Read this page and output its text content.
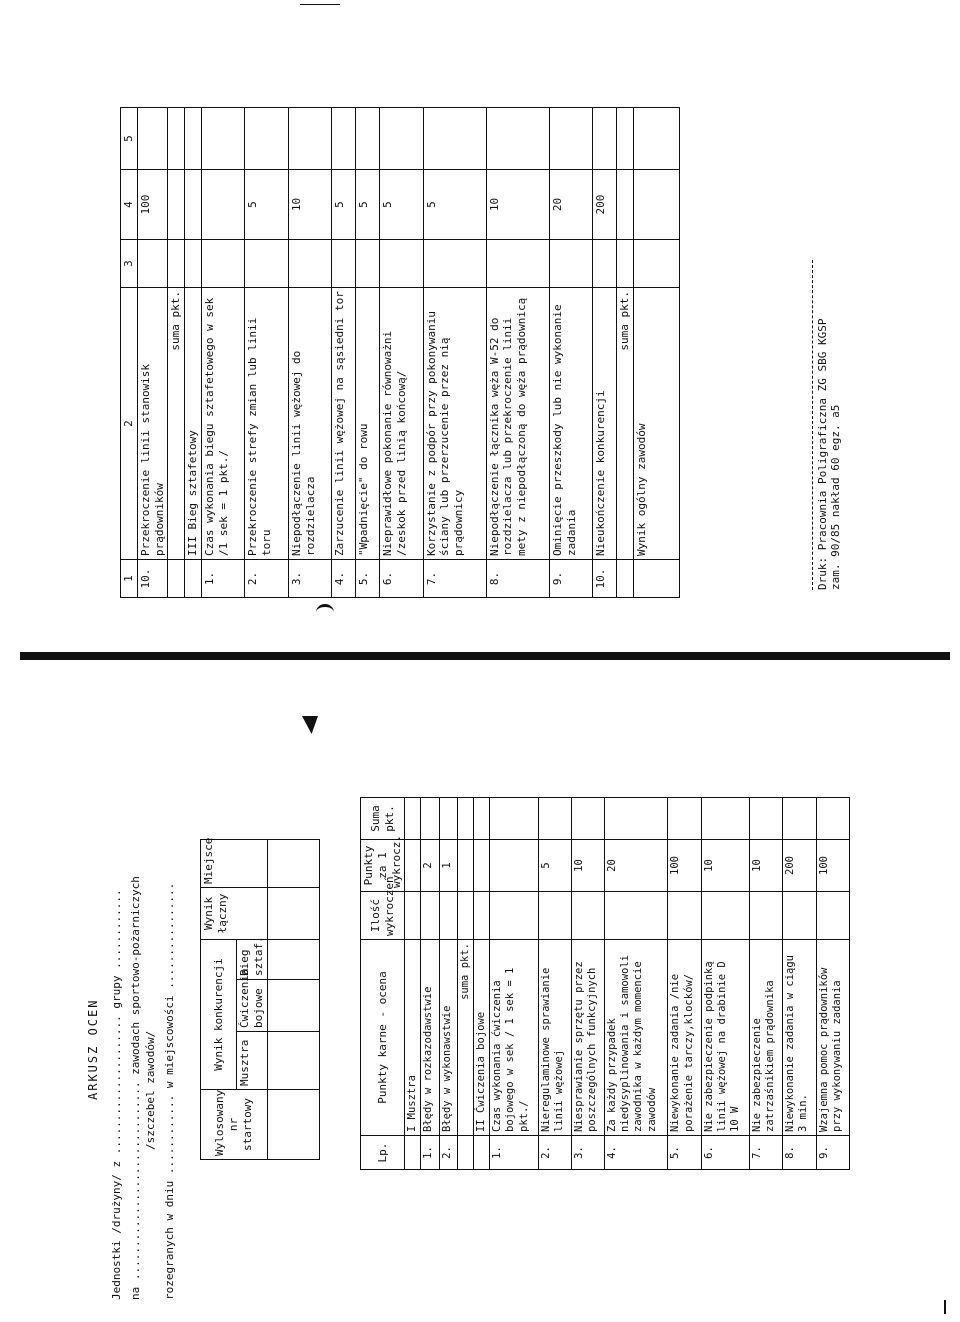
1	2	3	4	5
10.	Przekroczenie linii stanowisk prądowników		100	
	suma pkt.			
	III Bieg sztafetowy			
1.	Czas wykonania biegu sztafetowego w sek /1 sek = 1 pkt./			
2.	Przekroczenie strefy zmian lub linii toru		5	
3.	Niepodłączenie linii wężowej do rozdzielacza		10	
4.	Zarzucenie linii wężowej na sąsiedni tor		5	
5.	"Wpadnięcie" do rowu		5	
6.	Nieprawidłowe pokonanie równoważni /zeskok przed linią końcową/		5	
7.	Korzystanie z podpór przy pokonywaniu ściany lub przerzucenie przez nią prądownicy		5	
8.	Niepodłączenie łącznika węża W-52 do rozdzielacza lub przekroczenie linii mety z niepodłączoną do węża prądownicą		10	
9.	Ominięcie przeszkody lub nie wykonanie zadania		20	
10.	Nieukończenie konkurencji		200	
	suma pkt.			
	Wynik ogólny zawodów				Druk: Pracownia Poligraficzna ZG SBG KGSP zam. 90/85 nakład 60 egz. a5
ARKUSZ OCEN Jednostki /drużyny/ z ..................... grupy ............ na .............................. zawodach sportowo-pożarniczych /szczebel zawodów/ rozegranych w dniu ............ w miejscowości ................	Wylosowany nr startowy	Wynik konkurencji			Wynik łączny	Miejsce
	Musztra	Ćwiczenia bojowe	Bieg sztaf.		

Lp.	Punkty karne - ocena	Ilość wykroczeń	Punkty za 1 wykrocz.	Suma pkt.	
	I Musztra				
1.	Błędy w rozkazodawstwie		2		
2.	Błędy w wykonawstwie		1		
	suma pkt.				
	II Ćwiczenia bojowe				
1.	Czas wykonania ćwiczenia bojowego w sek / 1 sek = 1 pkt./				
2.	Nieregulaminowe sprawianie linii wężowej		5		
3.	Niesprawianie sprzętu przez poszczególnych funkcyjnych		10		
4.	Za każdy przypadek niedysyplinowania i samowoli zawodnika w każdym momencie zawodów		20		
5.	Niewykonanie zadania /nie porażenie tarczy,klocków/		100		
6.	Nie zabezpieczenie podpinką linii wężowej na drabinie D 10 W		10		
7.	Nie zabezpieczenie zatrzaśnikiem prądownika		10		
8.	Niewykonanie zadania w ciągu 3 min.		200		
9.	Wzajemna pomoc prądowników przy wykonywaniu zadania		100		
